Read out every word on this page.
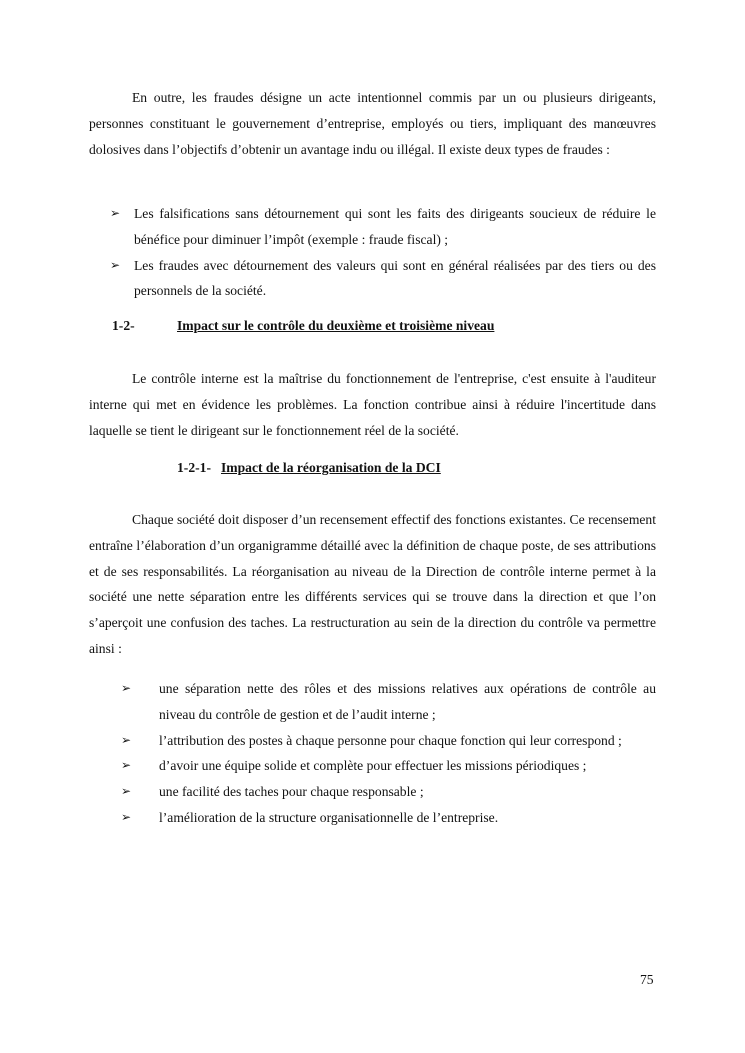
En outre, les fraudes désigne un acte intentionnel commis par un ou plusieurs dirigeants, personnes constituant le gouvernement d’entreprise, employés ou tiers, impliquant des manœuvres dolosives dans l’objectifs d’obtenir un avantage indu ou illégal. Il existe deux types de fraudes :

➢ Les falsifications sans détournement qui sont les faits des dirigeants soucieux de réduire le bénéfice pour diminuer l’impôt (exemple : fraude fiscal) ;
➢ Les fraudes avec détournement des valeurs qui sont en général réalisées par des tiers ou des personnels de la société.
1-2-	Impact sur le contrôle du deuxième et troisième niveau

Le contrôle interne est la maîtrise du fonctionnement de l'entreprise, c'est ensuite à l'auditeur interne qui met en évidence les problèmes. La fonction contribue ainsi à réduire l'incertitude dans laquelle se tient le dirigeant sur le fonctionnement réel de la société.

1-2-1- Impact de la réorganisation de la DCI

Chaque société doit disposer d’un recensement effectif des fonctions existantes. Ce recensement entraîne l’élaboration d’un organigramme détaillé avec la définition de chaque poste, de ses attributions et de ses responsabilités. La réorganisation au niveau de la Direction de contrôle interne permet à la société une nette séparation entre les différents services qui se trouve dans la direction et que l’on s’aperçoit une confusion des taches. La restructuration au sein de la direction du contrôle va permettre ainsi :

➢ une séparation nette des rôles et des missions relatives aux opérations de contrôle au niveau du contrôle de gestion et de l’audit interne ;
➢ l’attribution des postes à chaque personne pour chaque fonction qui leur correspond ;
➢ d’avoir une équipe solide et complète pour effectuer les missions périodiques ;
➢ une facilité des taches pour chaque responsable ;
➢ l’amélioration de la structure organisationnelle de l’entreprise.
75
